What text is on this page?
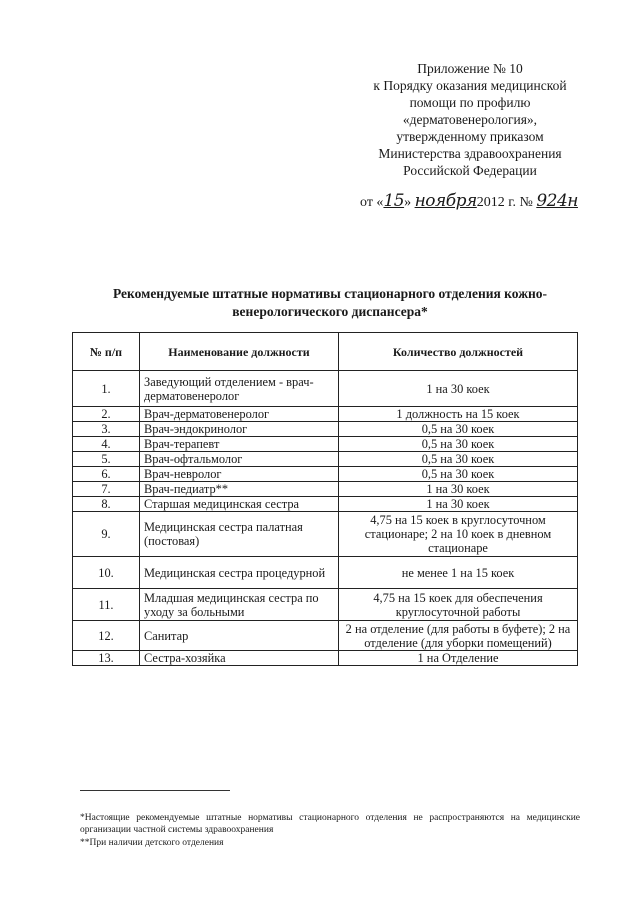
Приложение № 10
к Порядку оказания медицинской
помощи по профилю
«дерматовенерология»,
утвержденному приказом
Министерства здравоохранения
Российской Федерации
от «15» ноября2012 г. № 924н
Рекомендуемые штатные нормативы стационарного отделения кожно-венерологического диспансера*
№ п/п	Наименование должности	Количество должностей
1.	Заведующий отделением - врач-дерматовенеролог	1 на 30 коек
2.	Врач-дерматовенеролог	1 должность на 15 коек
3.	Врач-эндокринолог	0,5 на 30 коек
4.	Врач-терапевт	0,5 на 30 коек
5.	Врач-офтальмолог	0,5 на 30 коек
6.	Врач-невролог	0,5 на 30 коек
7.	Врач-педиатр**	1 на 30 коек
8.	Старшая медицинская сестра	1 на 30 коек
9.	Медицинская сестра палатная (постовая)	4,75 на 15 коек в круглосуточном стационаре; 2 на 10 коек в дневном стационаре
10.	Медицинская сестра процедурной	не менее 1 на 15 коек
11.	Младшая медицинская сестра по уходу за больными	4,75 на 15 коек для обеспечения круглосуточной работы
12.	Санитар	2 на отделение (для работы в буфете); 2 на отделение (для уборки помещений)
13.	Сестра-хозяйка	1 на Отделение
*Настоящие рекомендуемые штатные нормативы стационарного отделения не распространяются на медицинские организации частной системы здравоохранения
**При наличии детского отделения
